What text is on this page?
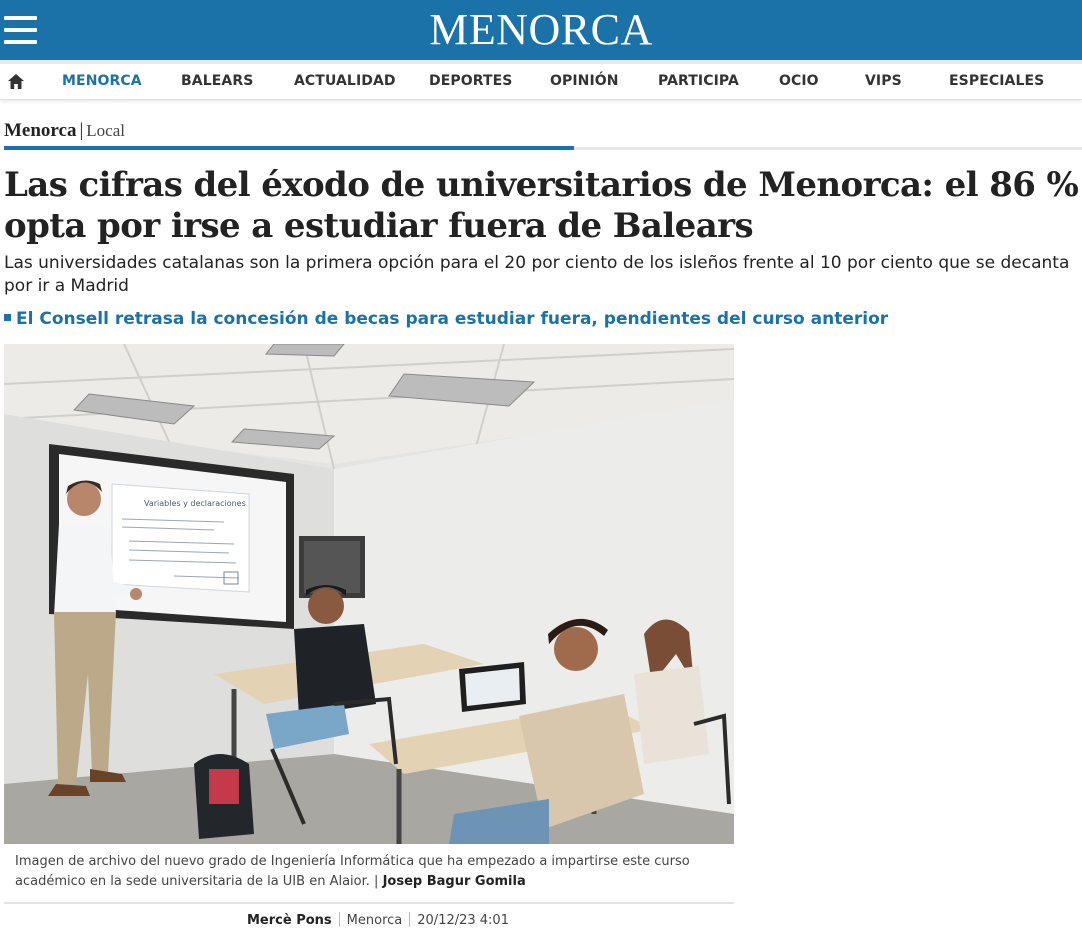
MENORCA
MENORCA	BALEARS	ACTUALIDAD DEPORTES	OPINIÓN	PARTICIPA	OCIO	VIPS	ESPECIALES
Menorca | Local
Las cifras del éxodo de universitarios de Menorca: el 86 % opta por irse a estudiar fuera de Balears

Las universidades catalanas son la primera opción para el 20 por ciento de los isleños frente al 10 por ciento que se decanta por ir a Madrid

El Consell retrasa la concesión de becas para estudiar fuera, pendientes del curso anterior
Variables y declaraciones

Imagen de archivo del nuevo grado de Ingeniería Informática que ha empezado a impartirse este curso académico en la sede universitaria de la UIB en Alaior. | Josep Bagur Gomila

Mercè Pons Menorca 20/12/23 4:01
